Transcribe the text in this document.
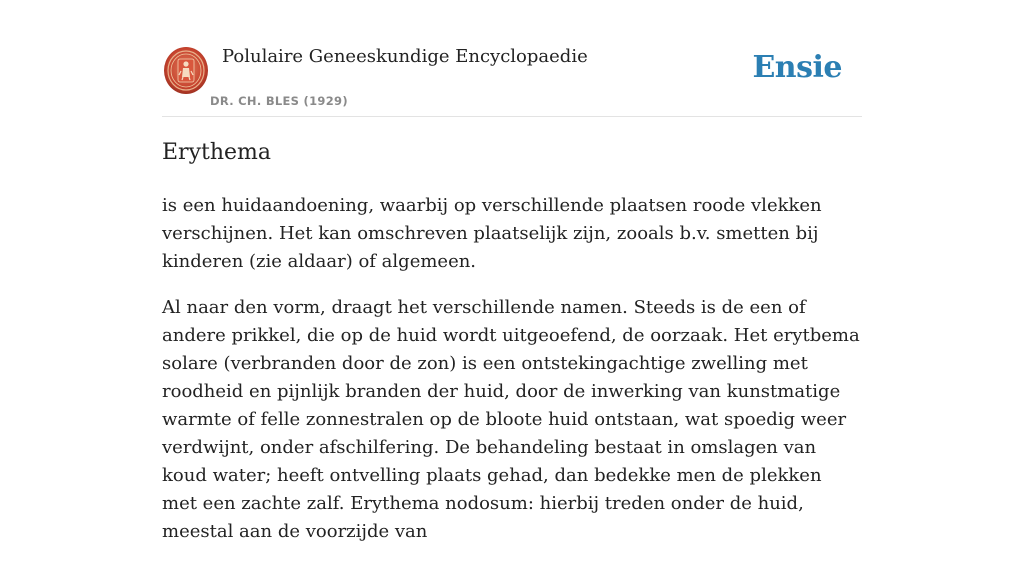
Polulaire Geneeskundige Encyclopaedie
DR. CH. BLES (1929)
Ensie
Erythema

is een huidaandoening, waarbij op verschillende plaatsen roode vlekken verschijnen. Het kan omschreven plaatselijk zijn, zooals b.v. smetten bij kinderen (zie aldaar) of algemeen.

Al naar den vorm, draagt het verschillende namen. Steeds is de een of andere prikkel, die op de huid wordt uitgeoefend, de oorzaak. Het erytbema solare (verbranden door de zon) is een ontstekingachtige zwelling met roodheid en pijnlijk branden der huid, door de inwerking van kunstmatige warmte of felle zonnestralen op de bloote huid ontstaan, wat spoedig weer verdwijnt, onder afschilfering. De behandeling bestaat in omslagen van koud water; heeft ontvelling plaats gehad, dan bedekke men de plekken met een zachte zalf. Erythema nodosum: hierbij treden onder de huid, meestal aan de voorzijde van
